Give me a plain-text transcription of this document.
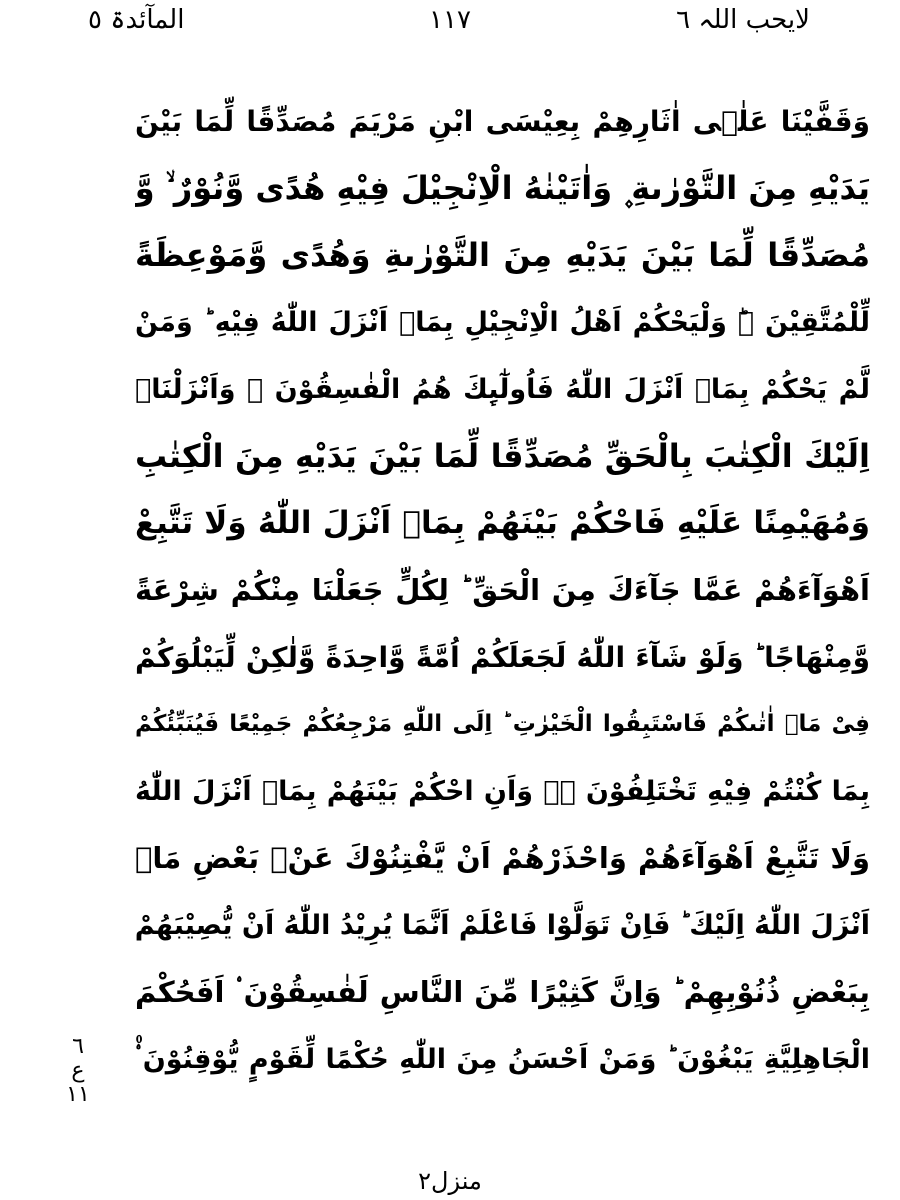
المآئدۃ ٥	١١٧	لایحب اللہ ٦
وَقَفَّیْنَا عَلٰۤی اٰثَارِهِمْ بِعِیْسَی ابْنِ مَرْیَمَ مُصَدِّقًا لِّمَا بَیْنَ
یَدَیْهِ مِنَ التَّوْرٰىةِ ۪ وَاٰتَیْنٰهُ الْاِنْجِیْلَ فِیْهِ هُدًی وَّنُوْرٌ ۙ وَّ
مُصَدِّقًا لِّمَا بَیْنَ یَدَیْهِ مِنَ التَّوْرٰىةِ وَهُدًی وَّمَوْعِظَةً
لِّلْمُتَّقِیْنَ ۟ؕ وَلْیَحْكُمْ اَهْلُ الْاِنْجِیْلِ بِمَاۤ اَنْزَلَ اللّٰهُ فِیْهِ ؕ وَمَنْ
لَّمْ یَحْكُمْ بِمَاۤ اَنْزَلَ اللّٰهُ فَاُولٰٓىِٕكَ هُمُ الْفٰسِقُوْنَ ۟ وَاَنْزَلْنَاۤ
اِلَیْكَ الْكِتٰبَ بِالْحَقِّ مُصَدِّقًا لِّمَا بَیْنَ یَدَیْهِ مِنَ الْكِتٰبِ
وَمُهَیْمِنًا عَلَیْهِ فَاحْكُمْ بَیْنَهُمْ بِمَاۤ اَنْزَلَ اللّٰهُ وَلَا تَتَّبِعْ
اَهْوَآءَهُمْ عَمَّا جَآءَكَ مِنَ الْحَقِّ ؕ لِكُلٍّ جَعَلْنَا مِنْكُمْ شِرْعَةً
وَّمِنْهَاجًا ؕ وَلَوْ شَآءَ اللّٰهُ لَجَعَلَكُمْ اُمَّةً وَّاحِدَةً وَّلٰكِنْ لِّیَبْلُوَكُمْ
فِیْ مَاۤ اٰتٰىكُمْ فَاسْتَبِقُوا الْخَیْرٰتِ ؕ اِلَی اللّٰهِ مَرْجِعُكُمْ جَمِیْعًا فَیُنَبِّئُكُمْ
بِمَا كُنْتُمْ فِیْهِ تَخْتَلِفُوْنَ ۟ۙ وَاَنِ احْكُمْ بَیْنَهُمْ بِمَاۤ اَنْزَلَ اللّٰهُ
وَلَا تَتَّبِعْ اَهْوَآءَهُمْ وَاحْذَرْهُمْ اَنْ یَّفْتِنُوْكَ عَنْۢ بَعْضِ مَاۤ
اَنْزَلَ اللّٰهُ اِلَیْكَ ؕ فَاِنْ تَوَلَّوْا فَاعْلَمْ اَنَّمَا یُرِیْدُ اللّٰهُ اَنْ یُّصِیْبَهُمْ
بِبَعْضِ ذُنُوْبِهِمْ ؕ وَاِنَّ كَثِیْرًا مِّنَ النَّاسِ لَفٰسِقُوْنَ ۟ اَفَحُكْمَ
الْجَاهِلِیَّةِ یَبْغُوْنَ ؕ وَمَنْ اَحْسَنُ مِنَ اللّٰهِ حُكْمًا لِّقَوْمٍ یُّوْقِنُوْنَ ۟۠
٦
ع
١١
منزل٢
